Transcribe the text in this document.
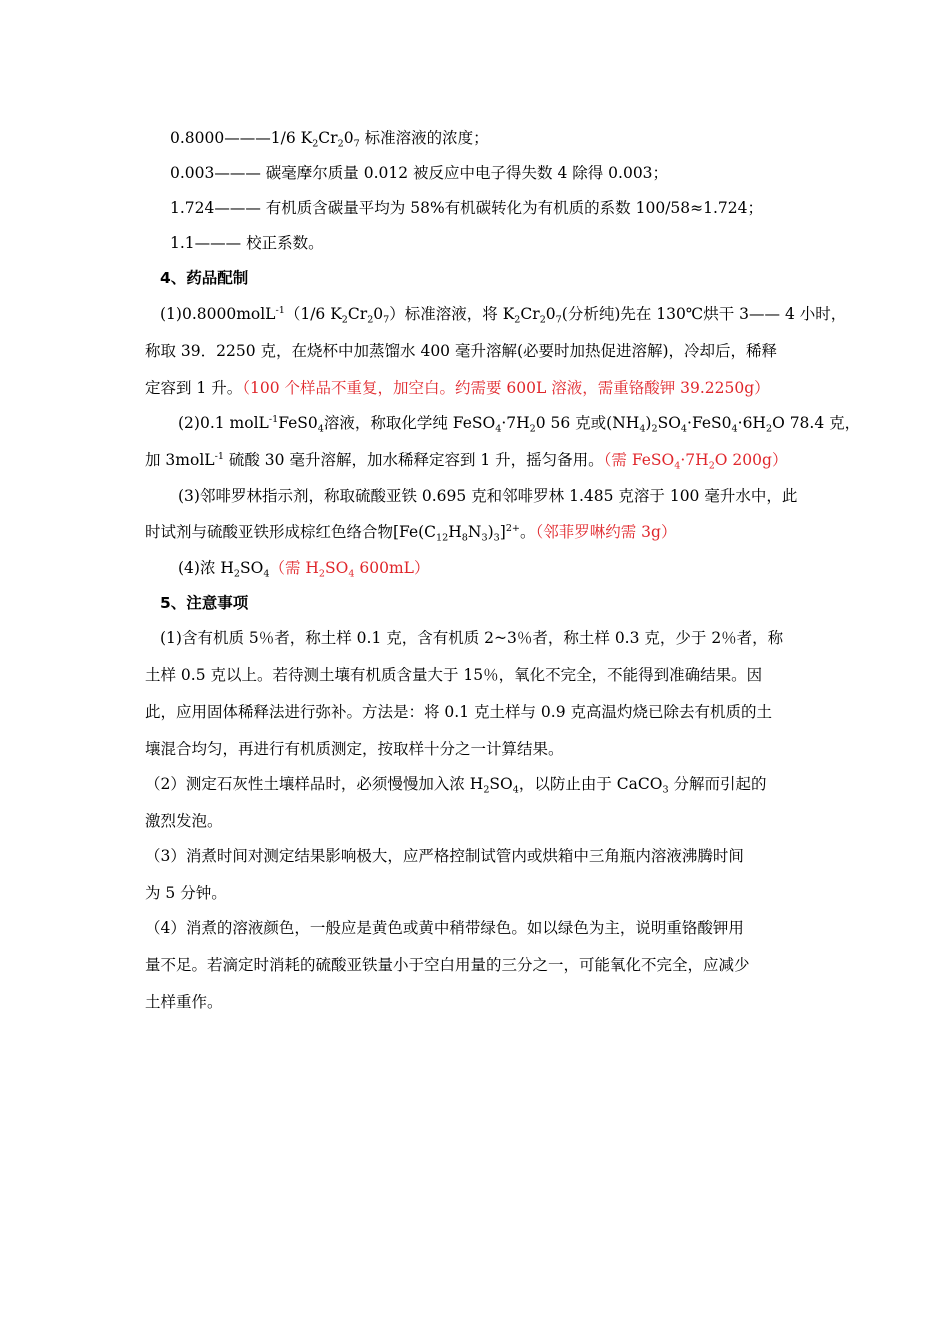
0.8000———1/6 $K_2Cr_20_7$ 标准溶液的浓度；
0.003——— 碳毫摩尔质量 0.012 被反应中电子得失数 4 除得 0.003；
1.724——— 有机质含碳量平均为 58%有机碳转化为有机质的系数 100/58≈1.724；
1.1——— 校正系数。
4、药品配制
(1)0.8000molL$^{-1}$（1/6 $K_2Cr_20_7$）标准溶液，将 $K_2Cr_20_7$(分析纯)先在 130℃烘干 3—— 4 小时，
称取 39．2250 克，在烧杯中加蒸馏水 400 毫升溶解(必要时加热促进溶解)，冷却后，稀释
定容到 1 升。（100 个样品不重复，加空白。约需要 600L 溶液，需重铬酸钾 39.2250g）
(2)0.1 $molL^{-1}FeS0_4$溶液，称取化学纯 $FeSO_4\cdot 7H_20$ 56 克或$(NH_4)_2SO_4\cdot FeS0_4\cdot 6H_2O$ 78.4 克，
加 3molL$^{-1}$ 硫酸 30 毫升溶解，加水稀释定容到 1 升，摇匀备用。（需 $FeSO_4\cdot 7H_2O$ 200g）
(3)邻啡罗林指示剂，称取硫酸亚铁 0.695 克和邻啡罗林 1.485 克溶于 100 毫升水中，此
时试剂与硫酸亚铁形成棕红色络合物$[Fe(C_{12}H_8N_3)_3]^{2+}$。（邻菲罗啉约需 3g）
(4)浓 $H_2SO_4$（需 $H_2SO_4$ 600mL）
5、注意事项
(1)含有机质 5％者，称土样 0.1 克，含有机质 2~3％者，称土样 0.3 克，少于 2％者，称
土样 0.5 克以上。若待测土壤有机质含量大于 15％，氧化不完全，不能得到准确结果。因
此，应用固体稀释法进行弥补。方法是：将 0.1 克土样与 0.9 克高温灼烧已除去有机质的土
壤混合均匀，再进行有机质测定，按取样十分之一计算结果。
（2）测定石灰性土壤样品时，必须慢慢加入浓 $H_2SO_4$，以防止由于 CaCO$_3$ 分解而引起的
激烈发泡。
（3）消煮时间对测定结果影响极大，应严格控制试管内或烘箱中三角瓶内溶液沸腾时间
为 5 分钟。
（4）消煮的溶液颜色，一般应是黄色或黄中稍带绿色。如以绿色为主，说明重铬酸钾用
量不足。若滴定时消耗的硫酸亚铁量小于空白用量的三分之一，可能氧化不完全，应减少
土样重作。
